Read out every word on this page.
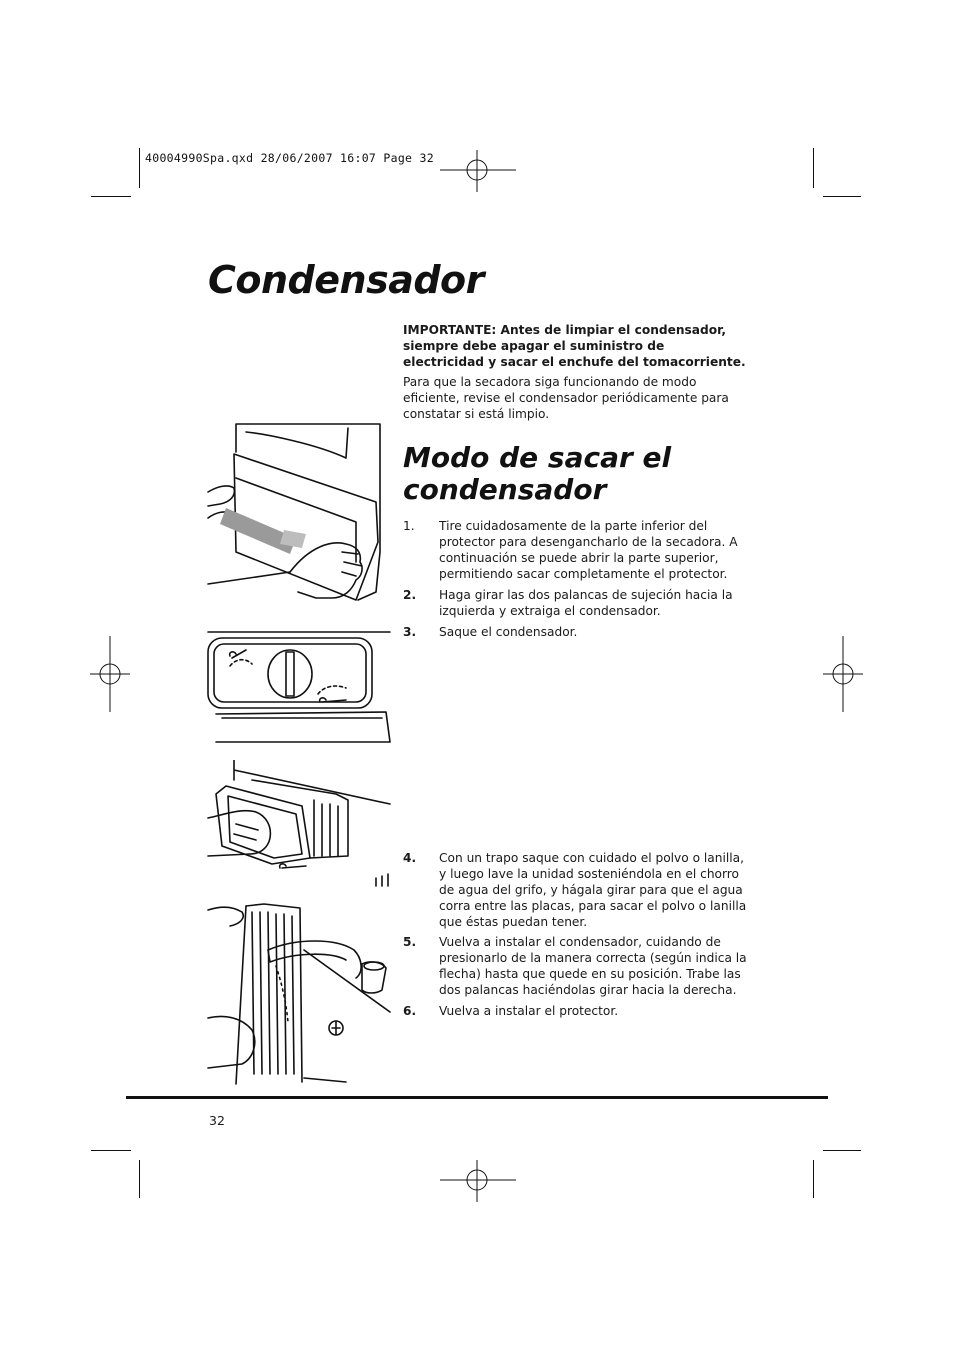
40004990Spa.qxd 28/06/2007 16:07 Page 32
Condensador
IMPORTANTE: Antes de limpiar el condensador, siempre debe apagar el suministro de electricidad y sacar el enchufe del tomacorriente.
Para que la secadora siga funcionando de modo eficiente, revise el condensador periódicamente para constatar si está limpio.
Modo de sacar el condensador
1.	Tire cuidadosamente de la parte inferior del protector para desengancharlo de la secadora. A continuación se puede abrir la parte superior, permitiendo sacar completamente el protector.
2.	Haga girar las dos palancas de sujeción hacia la izquierda y extraiga el condensador.
3.	Saque el condensador.
4.	Con un trapo saque con cuidado el polvo o lanilla, y luego lave la unidad sosteniéndola en el chorro de agua del grifo, y hágala girar para que el agua corra entre las placas, para sacar el polvo o lanilla que éstas puedan tener.
5.	Vuelva a instalar el condensador, cuidando de presionarlo de la manera correcta (según indica la flecha) hasta que quede en su posición. Trabe las dos palancas haciéndolas girar hacia la derecha.
6.	Vuelva a instalar el protector.
32
